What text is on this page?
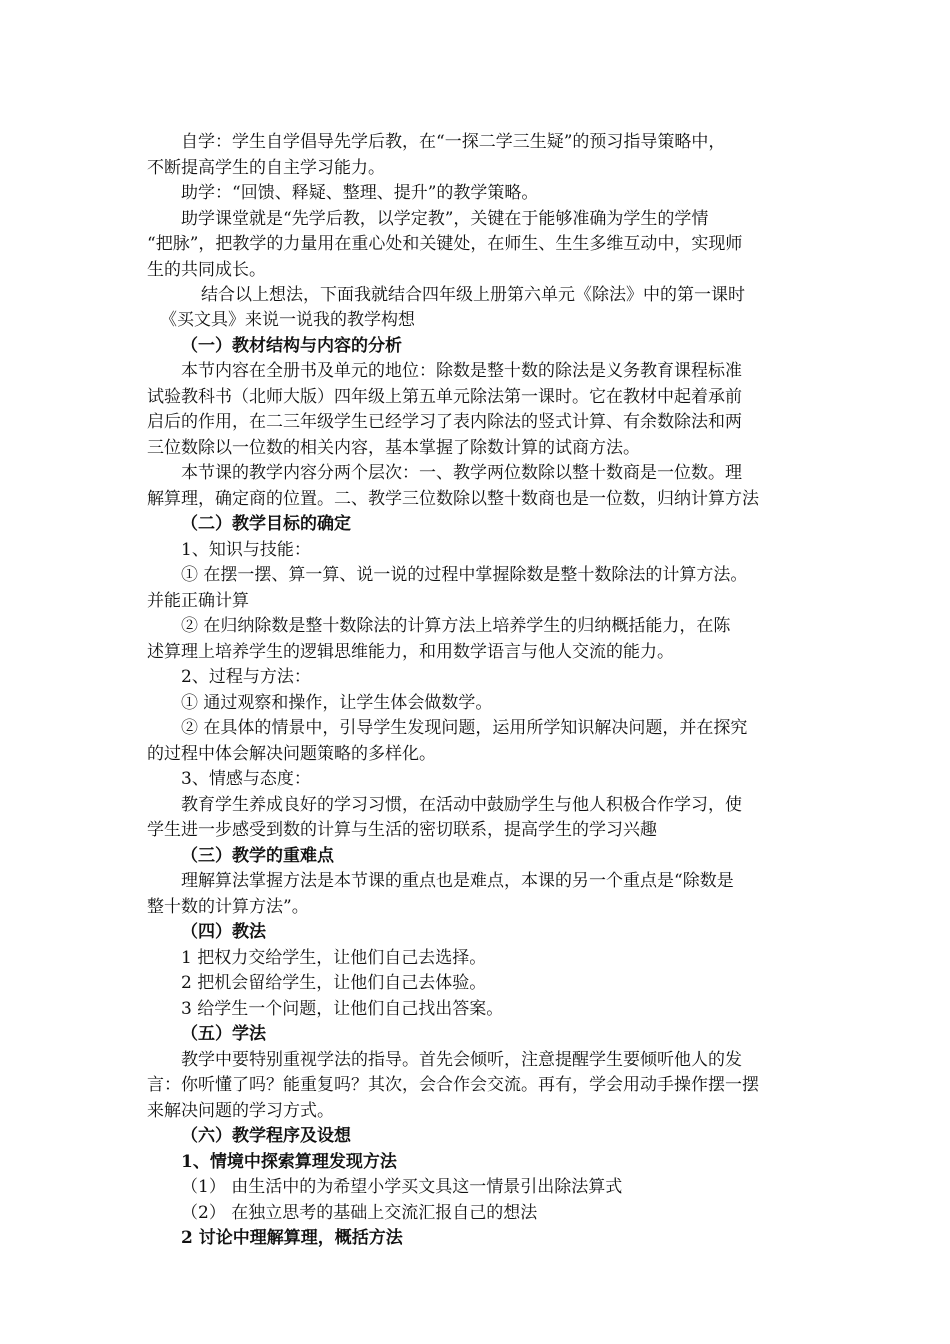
自学：学生自学倡导先学后教，在“一探二学三生疑”的预习指导策略中，
不断提高学生的自主学习能力。
助学：“回馈、释疑、整理、提升”的教学策略。
助学课堂就是“先学后教，以学定教”，关键在于能够准确为学生的学情
“把脉”，把教学的力量用在重心处和关键处，在师生、生生多维互动中，实现师
生的共同成长。
结合以上想法，下面我就结合四年级上册第六单元《除法》中的第一课时
《买文具》来说一说我的教学构想
（一）教材结构与内容的分析
本节内容在全册书及单元的地位：除数是整十数的除法是义务教育课程标准
试验教科书（北师大版）四年级上第五单元除法第一课时。它在教材中起着承前
启后的作用，在二三年级学生已经学习了表内除法的竖式计算、有余数除法和两
三位数除以一位数的相关内容，基本掌握了除数计算的试商方法。
本节课的教学内容分两个层次：一、教学两位数除以整十数商是一位数。理
解算理，确定商的位置。二、教学三位数除以整十数商也是一位数，归纳计算方法
（二）教学目标的确定
1、知识与技能：
① 在摆一摆、算一算、说一说的过程中掌握除数是整十数除法的计算方法。
并能正确计算
② 在归纳除数是整十数除法的计算方法上培养学生的归纳概括能力，在陈
述算理上培养学生的逻辑思维能力，和用数学语言与他人交流的能力。
2、过程与方法：
① 通过观察和操作，让学生体会做数学。
② 在具体的情景中，引导学生发现问题，运用所学知识解决问题，并在探究
的过程中体会解决问题策略的多样化。
3、情感与态度：
教育学生养成良好的学习习惯，在活动中鼓励学生与他人积极合作学习，使
学生进一步感受到数的计算与生活的密切联系，提高学生的学习兴趣
（三）教学的重难点
理解算法掌握方法是本节课的重点也是难点，本课的另一个重点是“除数是
整十数的计算方法”。
（四）教法
1 把权力交给学生，让他们自己去选择。
2 把机会留给学生，让他们自己去体验。
3 给学生一个问题，让他们自己找出答案。
（五）学法
教学中要特别重视学法的指导。首先会倾听，注意提醒学生要倾听他人的发
言：你听懂了吗？能重复吗？其次，会合作会交流。再有，学会用动手操作摆一摆
来解决问题的学习方式。
（六）教学程序及设想
1、情境中探索算理发现方法
（1） 由生活中的为希望小学买文具这一情景引出除法算式
（2） 在独立思考的基础上交流汇报自己的想法
2 讨论中理解算理，概括方法
